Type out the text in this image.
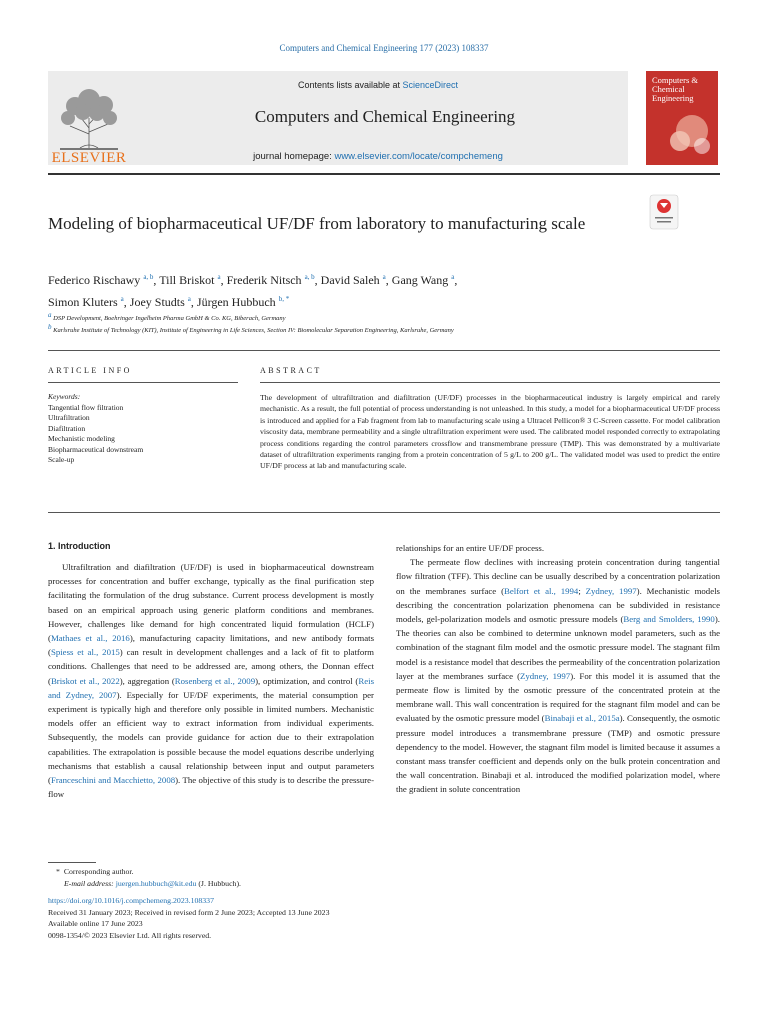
Computers and Chemical Engineering 177 (2023) 108337
ELSEVIER
Contents lists available at ScienceDirect
Computers and Chemical Engineering
journal homepage: www.elsevier.com/locate/compchemeng
Computers & Chemical Engineering
Modeling of biopharmaceutical UF/DF from laboratory to manufacturing scale
Federico Rischawy $^{a, b}$, Till Briskot $^a$, Frederik Nitsch $^{a, b}$, David Saleh $^a$, Gang Wang $^a$,
Simon Kluters $^a$, Joey Studts $^a$, Jürgen Hubbuch $^{b, *}$
$^a$ DSP Development, Boehringer Ingelheim Pharma GmbH & Co. KG, Biberach, Germany
$^b$ Karlsruhe Institute of Technology (KIT), Institute of Engineering in Life Sciences, Section IV: Biomolecular Separation Engineering, Karlsruhe, Germany
ARTICLE INFO	ABSTRACT
Keywords:
Tangential flow filtration
Ultrafiltration
Diafiltration
Mechanistic modeling
Biopharmaceutical downstream
Scale-up
The development of ultrafiltration and diafiltration (UF/DF) processes in the biopharmaceutical industry is largely empirical and rarely mechanistic. As a result, the full potential of process understanding is not unleashed. In this study, a model for a biopharmaceutical UF/DF process is introduced and applied for a Fab fragment from lab to manufacturing scale using a Ultracel Pellicon® 3 C-Screen cassette. For model calibration viscosity data, membrane permeability and a single ultrafiltration experiment were used. The calibrated model responded correctly to extrapolating process conditions regarding the control parameters crossflow and transmembrane pressure (TMP). This was demonstrated by a multivariate dataset of ultrafiltration experiments ranging from a protein concentration of 5 g/L to 200 g/L. The validated model was used to predict the entire UF/DF process at lab and manufacturing scale.
1. Introduction
Ultrafiltration and diafiltration (UF/DF) is used in biopharmaceutical downstream processes for concentration and buffer exchange, typically as the final purification step facilitating the formulation of the drug substance. Current process development is mostly based on an empirical approach using generic platform conditions and membranes. However, challenges like demand for high concentrated liquid formulation (HCLF) (Mathaes et al., 2016), manufacturing capacity limitations, and new antibody formats (Spiess et al., 2015) can result in development challenges and a lack of fit to platform conditions. Challenges that need to be addressed are, among others, the Donnan effect (Briskot et al., 2022), aggregation (Rosenberg et al., 2009), optimization, and control (Reis and Zydney, 2007). Especially for UF/DF experiments, the material consumption per experiment is typically high and therefore only possible in limited numbers. Mechanistic models offer an efficient way to extract information from individual experiments. Subsequently, the models can provide guidance for action due to their extrapolation capabilities. The extrapolation is possible because the model equations describe underlying mechanisms that establish a causal relationship between input and output parameters (Franceschini and Macchietto, 2008). The objective of this study is to describe the pressure-flow
relationships for an entire UF/DF process.
The permeate flow declines with increasing protein concentration during tangential flow filtration (TFF). This decline can be usually described by a concentration polarization on the membranes surface (Belfort et al., 1994; Zydney, 1997). Mechanistic models describing the concentration polarization phenomena can be subdivided in resistance models, gel-polarization models and osmotic pressure models (Berg and Smolders, 1990). The theories can also be combined to determine unknown model parameters, such as the combination of the stagnant film model and the osmotic pressure model. The stagnant film model is a resistance model that describes the permeability of the concentration polarization layer at the membranes surface (Zydney, 1997). For this model it is assumed that the permeate flow is limited by the osmotic pressure of the concentrated protein at the membrane wall. This wall concentration is required for the stagnant film model and can be evaluated by the osmotic pressure model (Binabaji et al., 2015a). Consequently, the osmotic pressure model introduces a transmembrane pressure (TMP) and osmotic pressure dependency to the model. However, the stagnant film model is limited because it assumes a constant mass transfer coefficient and depends only on the bulk protein concentration and the wall concentration. Binabaji et al. introduced the modified polarization model, where the gradient in solute concentration
* Corresponding author.
E-mail address: juergen.hubbuch@kit.edu (J. Hubbuch).
https://doi.org/10.1016/j.compchemeng.2023.108337
Received 31 January 2023; Received in revised form 2 June 2023; Accepted 13 June 2023
Available online 17 June 2023
0098-1354/© 2023 Elsevier Ltd. All rights reserved.
